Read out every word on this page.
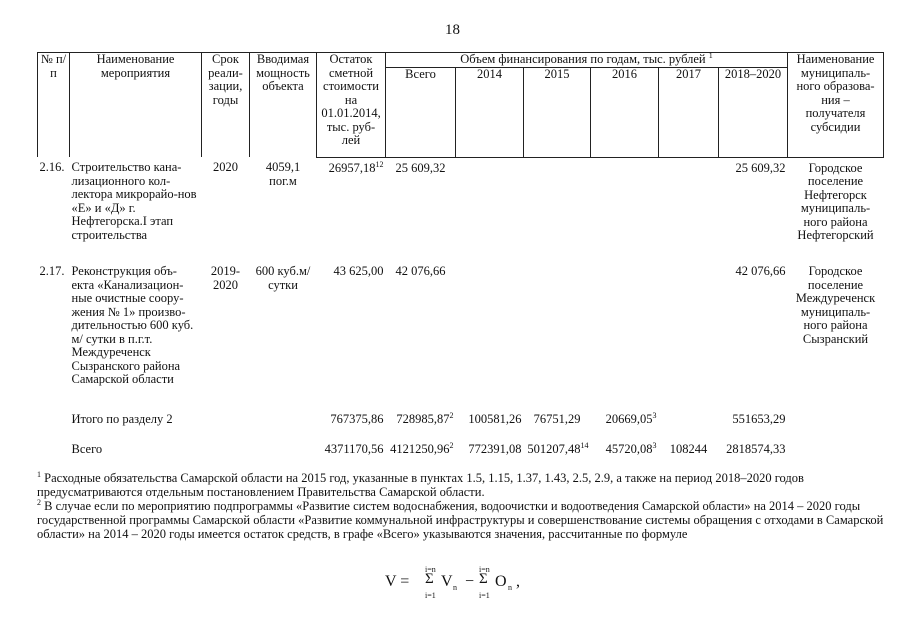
18
№ п/п	Наименование мероприятия	Срок реали-зации, годы	Вводимая мощность объекта	Остаток сметной стоимости на 01.01.2014, тыс. руб-лей	Объем финансирования по годам, тыс. рублей $^1$						Наименование муниципаль-ного образова-ния – получателя субсидии
					Всего	2014	2015	2016	2017	2018–2020	
2.16.	Строительство кана-лизационного кол-лектора микрорайо-нов «Е» и «Д» г. Нефтегорска.I этап строительства	2020	4059,1 пог.м	26957,18$^{12}$	25 609,32					25 609,32	Городское поселение Нефтегорск муниципаль-ного района Нефтегорский
2.17.	Реконструкция объ-екта «Канализацион-ные очистные соору-жения № 1» произво-дительностью 600 куб. м/ сутки в п.г.т. Междуреченск Сызранского района Самарской области	2019-2020	600 куб.м/ сутки	43 625,00	42 076,66					42 076,66	Городское поселение Междуреченск муниципаль-ного района Сызранский
	Итого по разделу 2			767375,86	728985,87$^2$	100581,26	76751,29	20669,05$^3$		551653,29	
	Всего			4371170,56	4121250,96$^2$	772391,08	501207,48$^{14}$	45720,08$^3$	108244	2818574,33	

$^1$ Расходные обязательства Самарской области на 2015 год, указанные в пунктах 1.5, 1.15, 1.37, 1.43, 2.5, 2.9, а также на период 2018–2020 годов предусматриваются отдельным постановлением Правительства Самарской области.

$^2$ В случае если по мероприятию подпрограммы «Развитие систем водоснабжения, водоочистки и водоотведения Самарской области» на 2014 – 2020 годы государственной программы Самарской области «Развитие коммунальной инфраструктуры и совершенствование системы обращения с отходами в Самарской области» на 2014 – 2020 годы имеется остаток средств, в графе «Всего» указываются значения, рассчитанные по формуле

V =
i=n
Σ
i=1
V n −
i=n
Σ
i=1
O n ,
